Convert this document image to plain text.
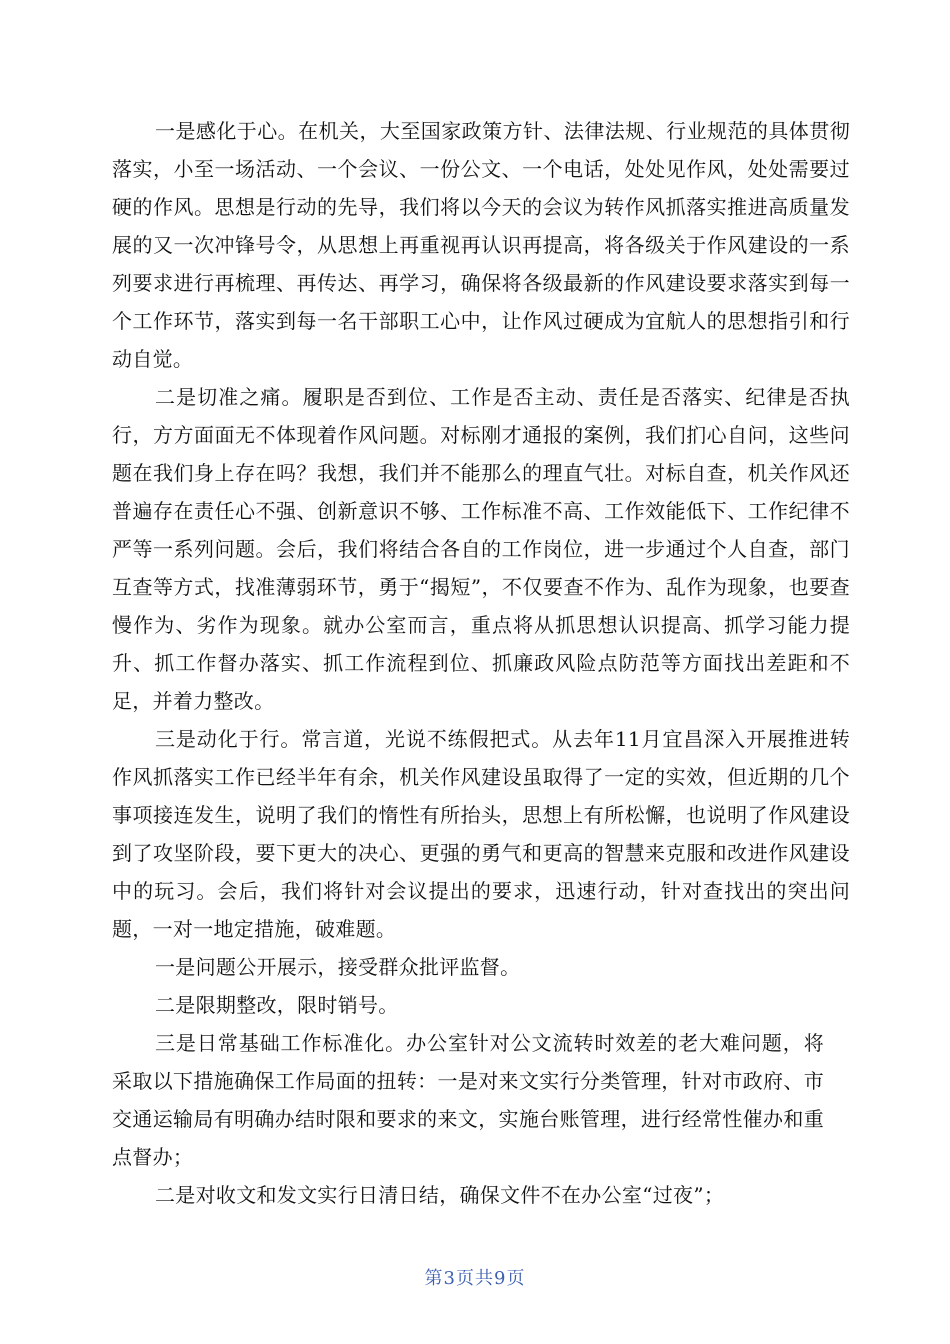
一是感化于心。在机关，大至国家政策方针、法律法规、行业规范的具体贯彻落实，小至一场活动、一个会议、一份公文、一个电话，处处见作风，处处需要过硬的作风。思想是行动的先导，我们将以今天的会议为转作风抓落实推进高质量发展的又一次冲锋号令，从思想上再重视再认识再提高，将各级关于作风建设的一系列要求进行再梳理、再传达、再学习，确保将各级最新的作风建设要求落实到每一个工作环节，落实到每一名干部职工心中，让作风过硬成为宜航人的思想指引和行动自觉。

二是切准之痛。履职是否到位、工作是否主动、责任是否落实、纪律是否执行，方方面面无不体现着作风问题。对标刚才通报的案例，我们扪心自问，这些问题在我们身上存在吗？我想，我们并不能那么的理直气壮。对标自查，机关作风还普遍存在责任心不强、创新意识不够、工作标准不高、工作效能低下、工作纪律不严等一系列问题。会后，我们将结合各自的工作岗位，进一步通过个人自查，部门互查等方式，找准薄弱环节，勇于“揭短”，不仅要查不作为、乱作为现象，也要查慢作为、劣作为现象。就办公室而言，重点将从抓思想认识提高、抓学习能力提升、抓工作督办落实、抓工作流程到位、抓廉政风险点防范等方面找出差距和不足，并着力整改。

三是动化于行。常言道，光说不练假把式。从去年11月宜昌深入开展推进转作风抓落实工作已经半年有余，机关作风建设虽取得了一定的实效，但近期的几个事项接连发生，说明了我们的惰性有所抬头，思想上有所松懈，也说明了作风建设到了攻坚阶段，要下更大的决心、更强的勇气和更高的智慧来克服和改进作风建设中的玩习。会后，我们将针对会议提出的要求，迅速行动，针对查找出的突出问题，一对一地定措施，破难题。

一是问题公开展示，接受群众批评监督。

二是限期整改，限时销号。

三是日常基础工作标准化。办公室针对公文流转时效差的老大难问题，将采取以下措施确保工作局面的扭转：一是对来文实行分类管理，针对市政府、市交通运输局有明确办结时限和要求的来文，实施台账管理，进行经常性催办和重点督办；

二是对收文和发文实行日清日结，确保文件不在办公室“过夜”；

第3页共9页
